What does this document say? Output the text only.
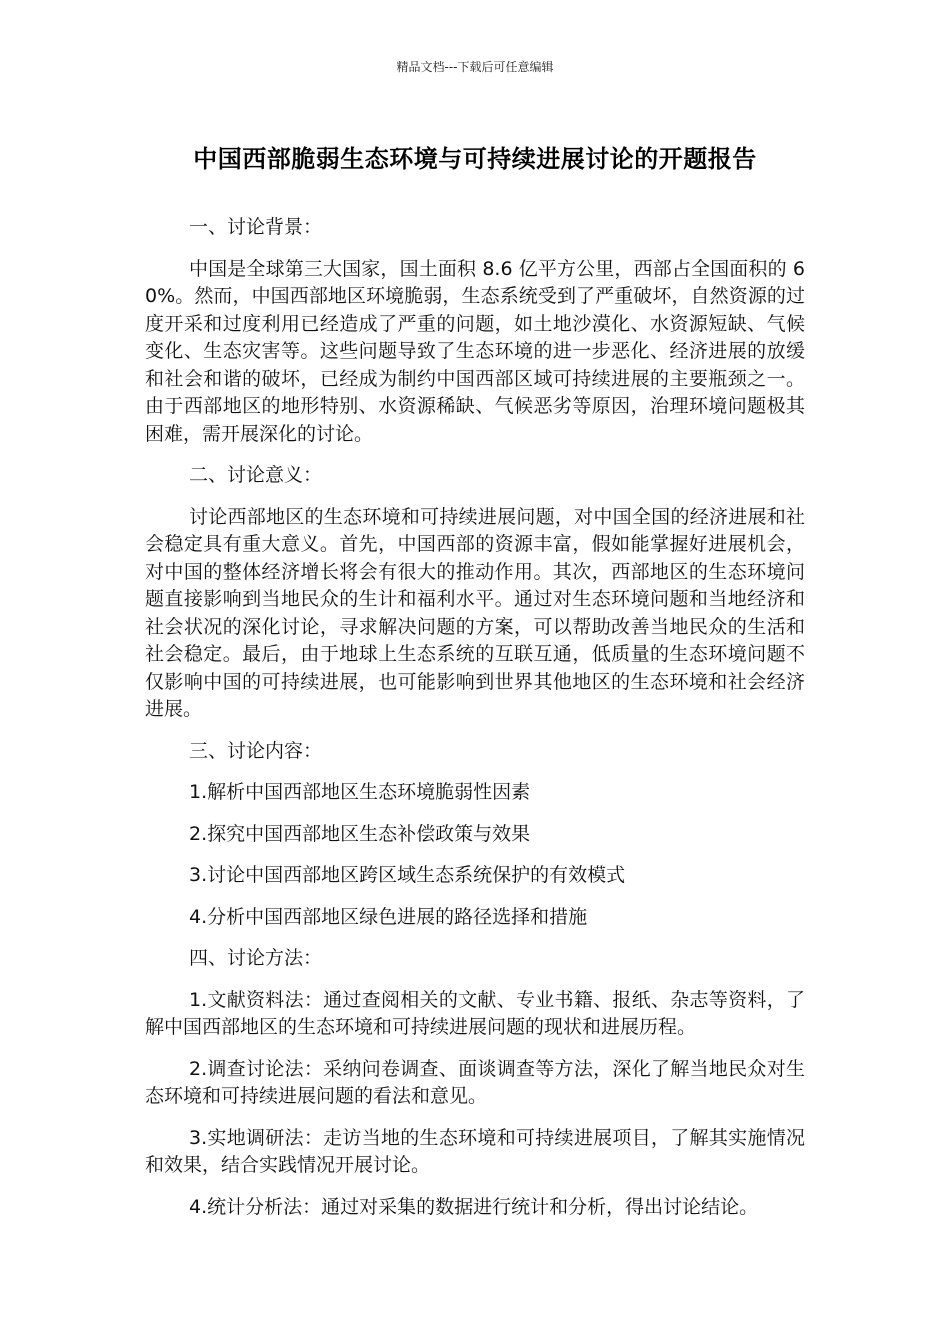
精品文档---下载后可任意编辑
中国西部脆弱生态环境与可持续进展讨论的开题报告

一、讨论背景：

中国是全球第三大国家，国土面积 8.6 亿平方公里，西部占全国面积的 60%。然而，中国西部地区环境脆弱，生态系统受到了严重破坏，自然资源的过度开采和过度利用已经造成了严重的问题，如土地沙漠化、水资源短缺、气候变化、生态灾害等。这些问题导致了生态环境的进一步恶化、经济进展的放缓和社会和谐的破坏，已经成为制约中国西部区域可持续进展的主要瓶颈之一。由于西部地区的地形特别、水资源稀缺、气候恶劣等原因，治理环境问题极其困难，需开展深化的讨论。

二、讨论意义：

讨论西部地区的生态环境和可持续进展问题，对中国全国的经济进展和社会稳定具有重大意义。首先，中国西部的资源丰富，假如能掌握好进展机会，对中国的整体经济增长将会有很大的推动作用。其次，西部地区的生态环境问题直接影响到当地民众的生计和福利水平。通过对生态环境问题和当地经济和社会状况的深化讨论，寻求解决问题的方案，可以帮助改善当地民众的生活和社会稳定。最后，由于地球上生态系统的互联互通，低质量的生态环境问题不仅影响中国的可持续进展，也可能影响到世界其他地区的生态环境和社会经济进展。

三、讨论内容：

1.解析中国西部地区生态环境脆弱性因素

2.探究中国西部地区生态补偿政策与效果

3.讨论中国西部地区跨区域生态系统保护的有效模式

4.分析中国西部地区绿色进展的路径选择和措施

四、讨论方法：

1.文献资料法：通过查阅相关的文献、专业书籍、报纸、杂志等资料，了解中国西部地区的生态环境和可持续进展问题的现状和进展历程。

2.调查讨论法：采纳问卷调查、面谈调查等方法，深化了解当地民众对生态环境和可持续进展问题的看法和意见。

3.实地调研法：走访当地的生态环境和可持续进展项目，了解其实施情况和效果，结合实践情况开展讨论。

4.统计分析法：通过对采集的数据进行统计和分析，得出讨论结论。
